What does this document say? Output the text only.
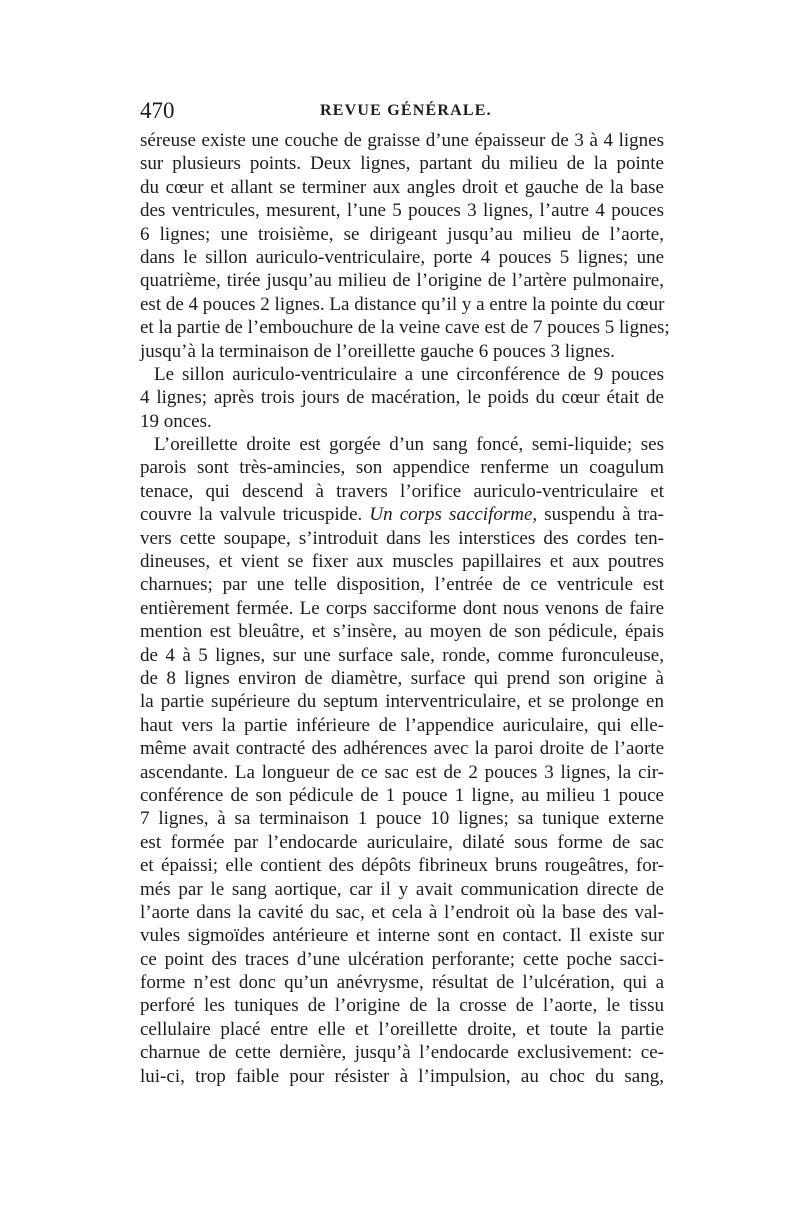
470	REVUE GÉNÉRALE.
séreuse existe une couche de graisse d’une épaisseur de 3 à 4 lignes
sur plusieurs points. Deux lignes, partant du milieu de la pointe
du cœur et allant se terminer aux angles droit et gauche de la base
des ventricules, mesurent, l’une 5 pouces 3 lignes, l’autre 4 pouces
6 lignes; une troisième, se dirigeant jusqu’au milieu de l’aorte,
dans le sillon auriculo-ventriculaire, porte 4 pouces 5 lignes; une
quatrième, tirée jusqu’au milieu de l’origine de l’artère pulmonaire,
est de 4 pouces 2 lignes. La distance qu’il y a entre la pointe du cœur
et la partie de l’embouchure de la veine cave est de 7 pouces 5 lignes;
jusqu’à la terminaison de l’oreillette gauche 6 pouces 3 lignes.
Le sillon auriculo-ventriculaire a une circonférence de 9 pouces
4 lignes; après trois jours de macération, le poids du cœur était de
19 onces.
L’oreillette droite est gorgée d’un sang foncé, semi-liquide; ses
parois sont très-amincies, son appendice renferme un coagulum
tenace, qui descend à travers l’orifice auriculo-ventriculaire et
couvre la valvule tricuspide. Un corps sacciforme, suspendu à tra-
vers cette soupape, s’introduit dans les interstices des cordes ten-
dineuses, et vient se fixer aux muscles papillaires et aux poutres
charnues; par une telle disposition, l’entrée de ce ventricule est
entièrement fermée. Le corps sacciforme dont nous venons de faire
mention est bleuâtre, et s’insère, au moyen de son pédicule, épais
de 4 à 5 lignes, sur une surface sale, ronde, comme furonculeuse,
de 8 lignes environ de diamètre, surface qui prend son origine à
la partie supérieure du septum interventriculaire, et se prolonge en
haut vers la partie inférieure de l’appendice auriculaire, qui elle-
même avait contracté des adhérences avec la paroi droite de l’aorte
ascendante. La longueur de ce sac est de 2 pouces 3 lignes, la cir-
conférence de son pédicule de 1 pouce 1 ligne, au milieu 1 pouce
7 lignes, à sa terminaison 1 pouce 10 lignes; sa tunique externe
est formée par l’endocarde auriculaire, dilaté sous forme de sac
et épaissi; elle contient des dépôts fibrineux bruns rougeâtres, for-
més par le sang aortique, car il y avait communication directe de
l’aorte dans la cavité du sac, et cela à l’endroit où la base des val-
vules sigmoïdes antérieure et interne sont en contact. Il existe sur
ce point des traces d’une ulcération perforante; cette poche sacci-
forme n’est donc qu’un anévrysme, résultat de l’ulcération, qui a
perforé les tuniques de l’origine de la crosse de l’aorte, le tissu
cellulaire placé entre elle et l’oreillette droite, et toute la partie
charnue de cette dernière, jusqu’à l’endocarde exclusivement: ce-
lui-ci, trop faible pour résister à l’impulsion, au choc du sang,
